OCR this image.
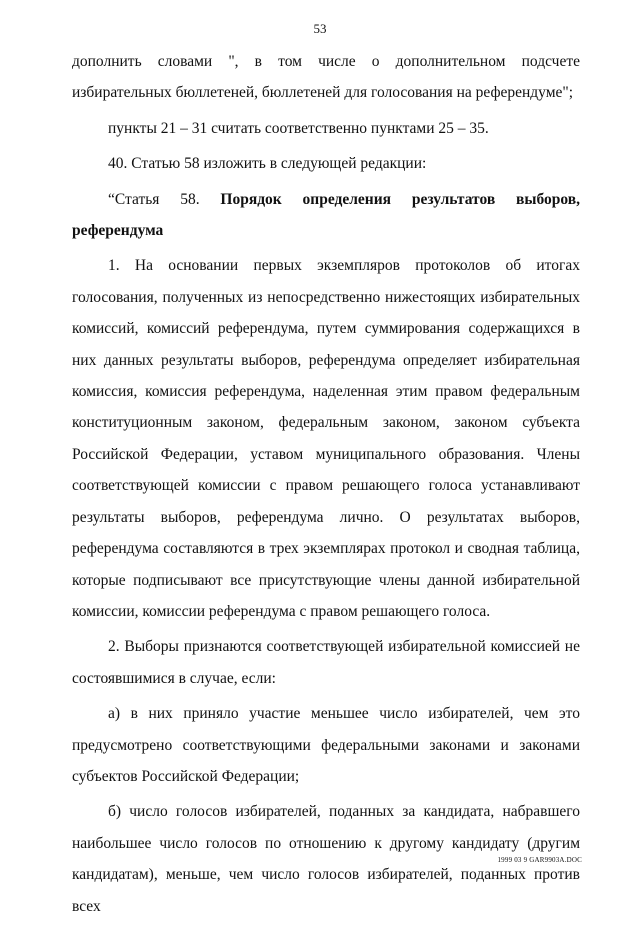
53

дополнить словами ", в том числе о дополнительном подсчете избирательных бюллетеней, бюллетеней для голосования на референдуме";

пункты 21 – 31 считать соответственно пунктами 25 – 35.

40. Статью 58 изложить в следующей редакции:

“Статья 58. Порядок определения результатов выборов, референдума

1. На основании первых экземпляров протоколов об итогах голосования, полученных из непосредственно нижестоящих избирательных комиссий, комиссий референдума, путем суммирования содержащихся в них данных результаты выборов, референдума определяет избирательная комиссия, комиссия референдума, наделенная этим правом федеральным конституционным законом, федеральным законом, законом субъекта Российской Федерации, уставом муниципального образования. Члены соответствующей комиссии с правом решающего голоса устанавливают результаты выборов, референдума лично. О результатах выборов, референдума составляются в трех экземплярах протокол и сводная таблица, которые подписывают все присутствующие члены данной избирательной комиссии, комиссии референдума с правом решающего голоса.

2. Выборы признаются соответствующей избирательной комиссией не состоявшимися в случае, если:

а) в них приняло участие меньшее число избирателей, чем это предусмотрено соответствующими федеральными законами и законами субъектов Российской Федерации;

б) число голосов избирателей, поданных за кандидата, набравшего наибольшее число голосов по отношению к другому кандидату (другим кандидатам), меньше, чем число голосов избирателей, поданных против всех

1999 03 9 GAR9903A.DOC
